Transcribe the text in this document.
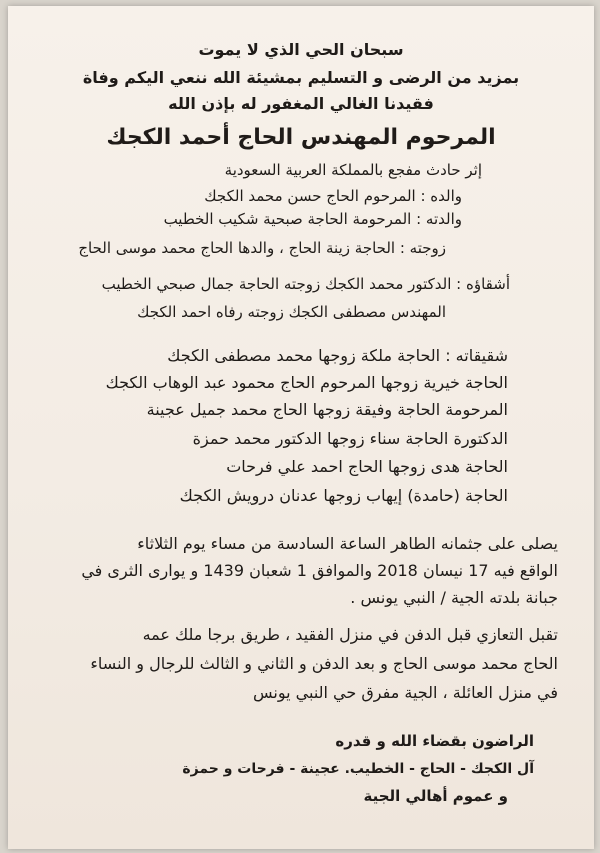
سبحان الحي الذي لا يموت
بمزيد من الرضى و التسليم بمشيئة الله ننعي اليكم وفاة
فقيدنا الغالي المغفور له بإذن الله
المرحوم المهندس الحاج أحمد الكجك
إثر حادث مفجع بالمملكة العربية السعودية
والده : المرحوم الحاج حسن محمد الكجك
والدته : المرحومة الحاجة صبحية شكيب الخطيب
زوجته : الحاجة زينة الحاج ، والدها الحاج محمد موسى الحاج
أشقاؤه : الدكتور محمد الكجك زوجته الحاجة جمال صبحي الخطيب
المهندس مصطفى الكجك زوجته رفاه احمد الكجك
شقيقاته : الحاجة ملكة زوجها محمد مصطفى الكجك
الحاجة خيرية زوجها المرحوم الحاج محمود عبد الوهاب الكجك
المرحومة الحاجة وفيقة زوجها الحاج محمد جميل عجينة
الدكتورة الحاجة سناء زوجها الدكتور محمد حمزة
الحاجة هدى زوجها الحاج احمد علي فرحات
الحاجة (حامدة) إيهاب زوجها عدنان درويش الكجك
يصلى على جثمانه الطاهر الساعة السادسة من مساء يوم الثلاثاء
الواقع فيه 17 نيسان 2018 والموافق 1 شعبان 1439 و يوارى الثرى في
جبانة بلدته الجية / النبي يونس .
تقبل التعازي قبل الدفن في منزل الفقيد ، طريق برجا ملك عمه
الحاج محمد موسى الحاج و بعد الدفن و الثاني و الثالث للرجال و النساء
في منزل العائلة ، الجية مفرق حي النبي يونس
الراضون بقضاء الله و قدره
آل الكجك - الحاج - الخطيب. عجينة - فرحات و حمزة
و عموم أهالي الجية
